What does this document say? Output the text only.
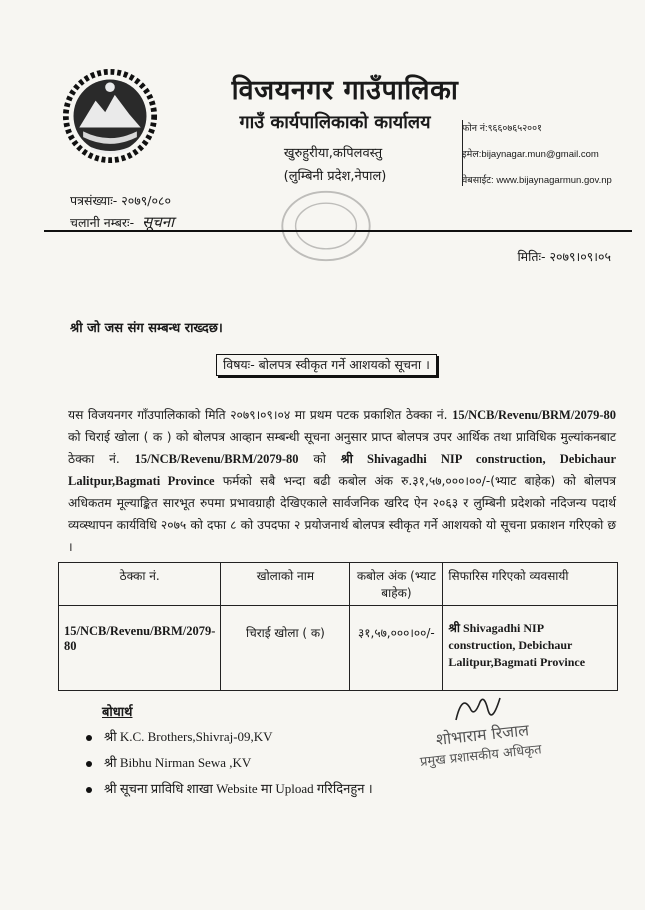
विजयनगर गाउँपालिका
गाउँ कार्यपालिकाको कार्यालय
खुरुहुरीया,कपिलवस्तु
(लुम्बिनी प्रदेश,नेपाल)
फोन नं:९६६०७६५२००१
इमेल:bijaynagar.mun@gmail.com
वेबसाईट: www.bijaynagarmun.gov.np
पत्रसंख्याः- २०७९/०८०
चलानी नम्बरः- सूचना
मितिः- २०७९।०९।०५
श्री जो जस संग सम्बन्ध राख्दछ।
विषयः- बोलपत्र स्वीकृत गर्ने आशयको सूचना ।
यस विजयनगर गाँउपालिकाको मिति २०७९।०९।०४ मा प्रथम पटक प्रकाशित ठेक्का नं. 15/NCB/Revenu/BRM/2079-80 को चिराई खोला ( क ) को बोलपत्र आव्हान सम्बन्धी सूचना अनुसार प्राप्त बोलपत्र उपर आर्थिक तथा प्राविधिक मुल्यांकनबाट ठेक्का नं. 15/NCB/Revenu/BRM/2079-80 को श्री Shivagadhi NIP construction, Debichaur Lalitpur,Bagmati Province फर्मको सबै भन्दा बढी कबोल अंक रु.३१,५७,०००।००/-(भ्याट बाहेक) को बोलपत्र अधिकतम मूल्याङ्कित सारभूत रुपमा प्रभावग्राही देखिएकाले सार्वजनिक खरिद ऐन २०६३ र लुम्बिनी प्रदेशको नदिजन्य पदार्थ व्यव्स्थापन कार्यविधि २०७५ को दफा ८ को उपदफा २ प्रयोजनार्थ बोलपत्र स्वीकृत गर्ने आशयको यो सूचना प्रकाशन गरिएको छ ।
ठेक्का नं.	खोलाको नाम	कबोल अंक (भ्याट बाहेक)	सिफारिस गरिएको व्यवसायी
15/NCB/Revenu/BRM/2079-80	चिराई खोला ( क)	३१,५७,०००।००/-	श्री Shivagadhi NIP construction, Debichaur Lalitpur,Bagmati Province
बोधार्थ
श्री K.C. Brothers,Shivraj-09,KV
श्री Bibhu Nirman Sewa ,KV
श्री सूचना प्राविधि शाखा Website मा Upload गरिदिनहुन ।
शोभाराम रिजाल
प्रमुख प्रशासकीय अधिकृत
